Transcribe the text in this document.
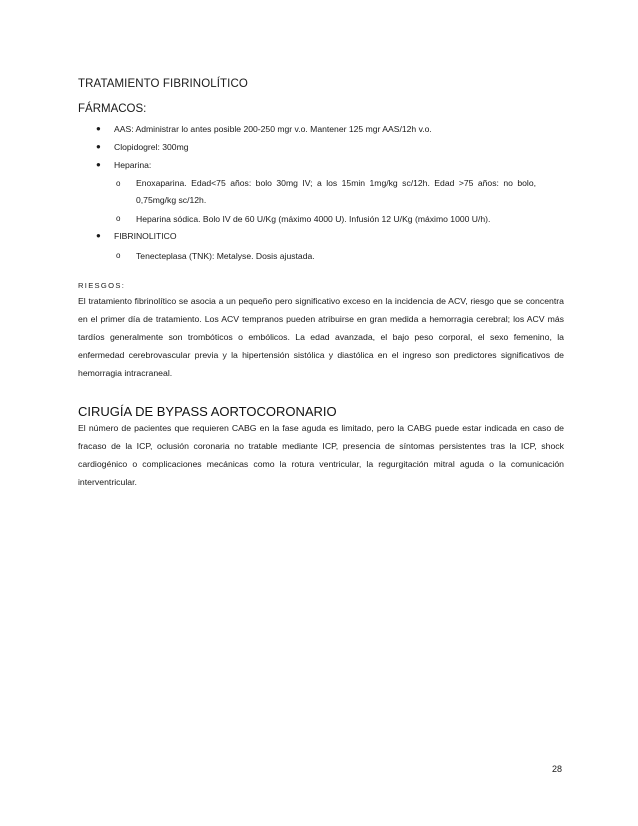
TRATAMIENTO FIBRINOLÍTICO
FÁRMACOS:
● AAS: Administrar lo antes posible 200-250 mgr v.o. Mantener 125 mgr AAS/12h v.o.
● Clopidogrel: 300mg
● Heparina:
o Enoxaparina. Edad<75 años: bolo 30mg IV; a los 15min 1mg/kg sc/12h. Edad >75 años: no bolo, 0,75mg/kg sc/12h.
o Heparina sódica. Bolo IV de 60 U/Kg (máximo 4000 U). Infusión 12 U/Kg (máximo 1000 U/h).
● FIBRINOLITICO
o Tenecteplasa (TNK): Metalyse. Dosis ajustada.
RIESGOS:
El tratamiento fibrinolítico se asocia a un pequeño pero significativo exceso en la incidencia de ACV, riesgo que se concentra en el primer día de tratamiento. Los ACV tempranos pueden atribuirse en gran medida a hemorragia cerebral; los ACV más tardíos generalmente son trombóticos o embólicos. La edad avanzada, el bajo peso corporal, el sexo femenino, la enfermedad cerebrovascular previa y la hipertensión sistólica y diastólica en el ingreso son predictores significativos de hemorragia intracraneal.
CIRUGÍA DE BYPASS AORTOCORONARIO
El número de pacientes que requieren CABG en la fase aguda es limitado, pero la CABG puede estar indicada en caso de fracaso de la ICP, oclusión coronaria no tratable mediante ICP, presencia de síntomas persistentes tras la ICP, shock cardiogénico o complicaciones mecánicas como la rotura ventricular, la regurgitación mitral aguda o la comunicación interventricular.
28
